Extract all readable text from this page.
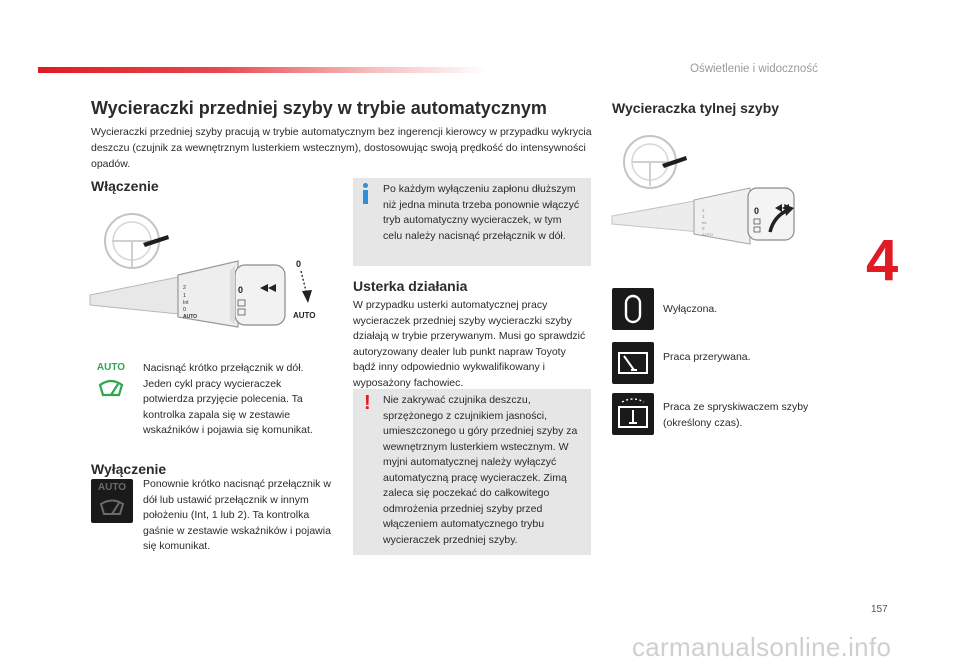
Oświetlenie i widoczność
4
Wycieraczki przedniej szyby w trybie automatycznym

Wycieraczki przedniej szyby pracują w trybie automatycznym bez ingerencji kierowcy w przypadku wykrycia deszczu (czujnik za wewnętrznym lusterkiem wstecznym), dostosowując swoją prędkość do intensywności opadów.

Włączenie
2
1
Int
0
AUTO
0
0
AUTO
AUTO	Nacisnąć krótko przełącznik w dół. Jeden cykl pracy wycieraczek potwierdza przyjęcie polecenia. Ta kontrolka zapala się w zestawie wskaźników i pojawia się komunikat.

Wyłączenie
AUTO	Ponownie krótko nacisnąć przełącznik w dół lub ustawić przełącznik w innym położeniu (Int, 1 lub 2). Ta kontrolka gaśnie w zestawie wskaźników i pojawia się komunikat.

Po każdym wyłączeniu zapłonu dłuższym niż jedna minuta trzeba ponownie włączyć tryb automatyczny wycieraczek, w tym celu należy nacisnąć przełącznik w dół.

Usterka działania

W przypadku usterki automatycznej pracy wycieraczek przedniej szyby wycieraczki szyby działają w trybie przerywanym. Musi go sprawdzić autoryzowany dealer lub punkt napraw Toyoty bądź inny odpowiednio wykwalifikowany i wyposażony fachowiec.

! Nie zakrywać czujnika deszczu, sprzężonego z czujnikiem jasności, umieszczonego u góry przedniej szyby za wewnętrznym lusterkiem wstecznym. W myjni automatycznej należy wyłączyć automatyczną pracę wycieraczek. Zimą zaleca się poczekać do całkowitego odmrożenia przedniej szyby przed włączeniem automatycznego trybu wycieraczek przedniej szyby.

Wycieraczka tylnej szyby
2
1
Int
0
AUTO
0
Wyłączona.
Praca przerywana.
Praca ze spryskiwaczem szyby (określony czas).
157
carmanualsonline.info
